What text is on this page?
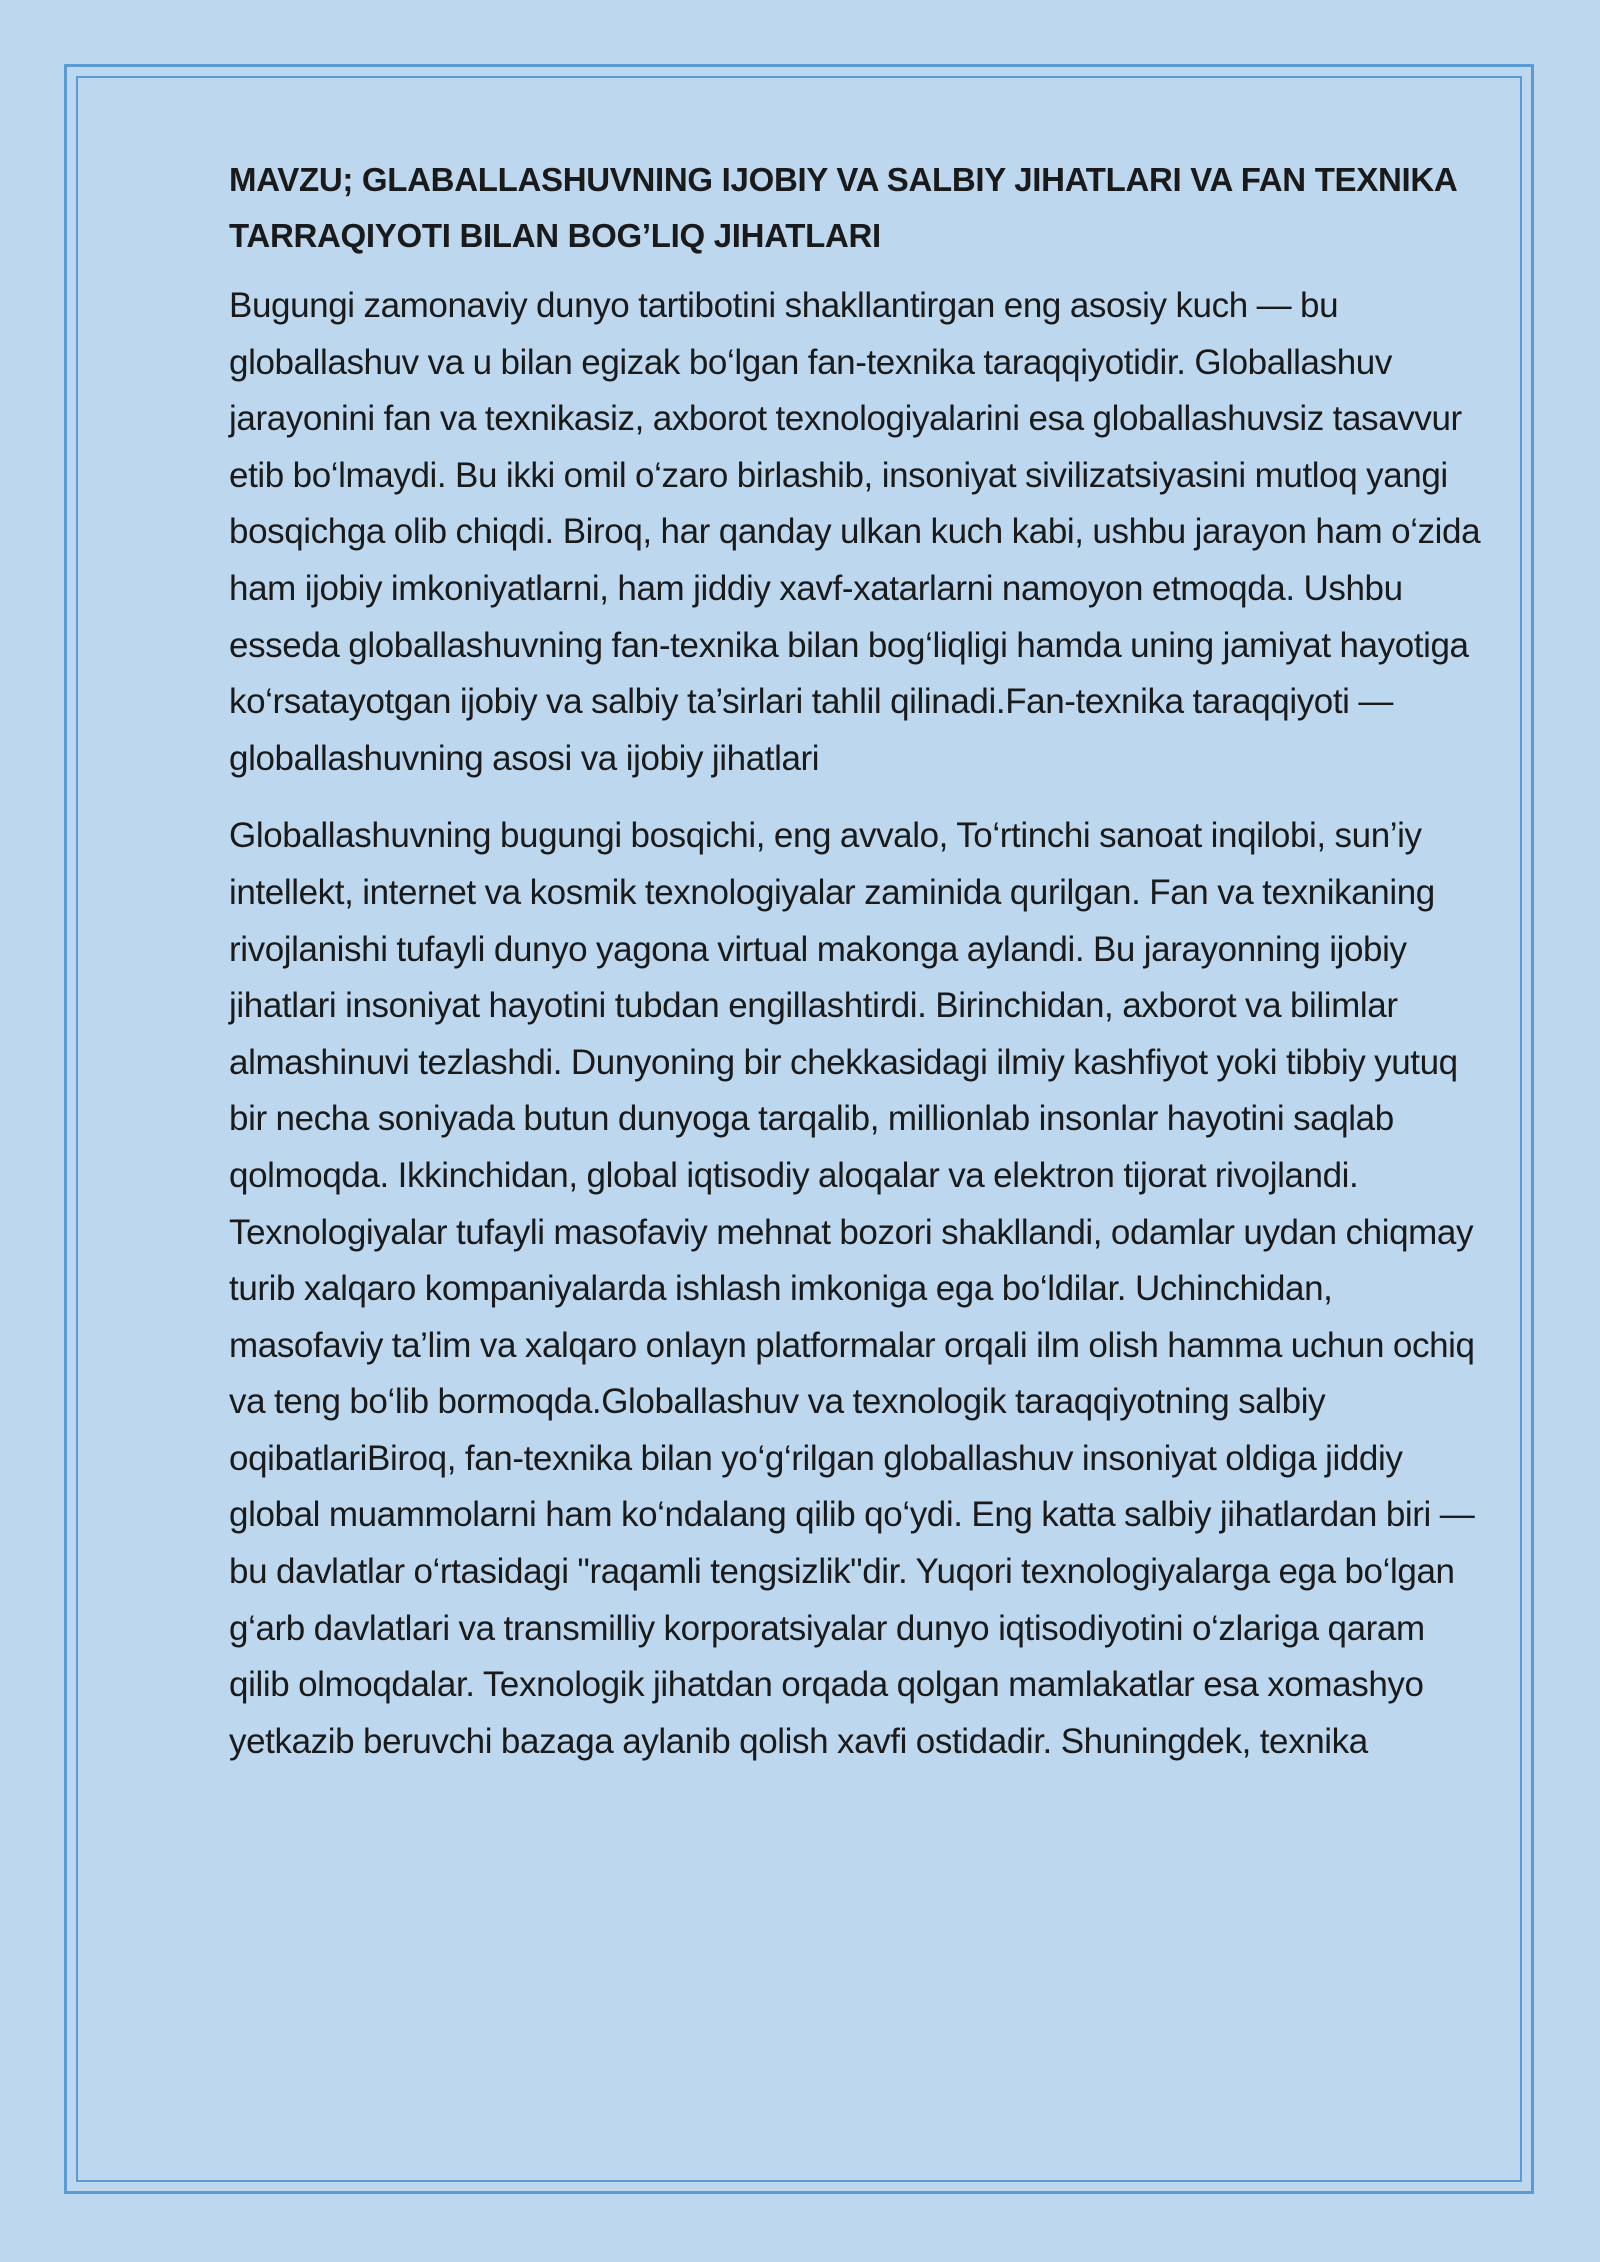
MAVZU; GLABALLASHUVNING IJOBIY VA SALBIY JIHATLARI VA FAN TEXNIKA TARRAQIYOTI BILAN BOG’LIQ JIHATLARI

Bugungi zamonaviy dunyo tartibotini shakllantirgan eng asosiy kuch — bu globallashuv va u bilan egizak bo‘lgan fan-texnika taraqqiyotidir. Globallashuv jarayonini fan va texnikasiz, axborot texnologiyalarini esa globallashuvsiz tasavvur etib bo‘lmaydi. Bu ikki omil o‘zaro birlashib, insoniyat sivilizatsiyasini mutloq yangi bosqichga olib chiqdi. Biroq, har qanday ulkan kuch kabi, ushbu jarayon ham o‘zida ham ijobiy imkoniyatlarni, ham jiddiy xavf-xatarlarni namoyon etmoqda. Ushbu esseda globallashuvning fan-texnika bilan bog‘liqligi hamda uning jamiyat hayotiga ko‘rsatayotgan ijobiy va salbiy ta’sirlari tahlil qilinadi.Fan-texnika taraqqiyoti — globallashuvning asosi va ijobiy jihatlari

Globallashuvning bugungi bosqichi, eng avvalo, To‘rtinchi sanoat inqilobi, sun’iy intellekt, internet va kosmik texnologiyalar zaminida qurilgan. Fan va texnikaning rivojlanishi tufayli dunyo yagona virtual makonga aylandi. Bu jarayonning ijobiy jihatlari insoniyat hayotini tubdan engillashtirdi. Birinchidan, axborot va bilimlar almashinuvi tezlashdi. Dunyoning bir chekkasidagi ilmiy kashfiyot yoki tibbiy yutuq bir necha soniyada butun dunyoga tarqalib, millionlab insonlar hayotini saqlab qolmoqda. Ikkinchidan, global iqtisodiy aloqalar va elektron tijorat rivojlandi. Texnologiyalar tufayli masofaviy mehnat bozori shakllandi, odamlar uydan chiqmay turib xalqaro kompaniyalarda ishlash imkoniga ega bo‘ldilar. Uchinchidan, masofaviy ta’lim va xalqaro onlayn platformalar orqali ilm olish hamma uchun ochiq va teng bo‘lib bormoqda.Globallashuv va texnologik taraqqiyotning salbiy oqibatlariBiroq, fan-texnika bilan yo‘g‘rilgan globallashuv insoniyat oldiga jiddiy global muammolarni ham ko‘ndalang qilib qo‘ydi. Eng katta salbiy jihatlardan biri — bu davlatlar o‘rtasidagi "raqamli tengsizlik"dir. Yuqori texnologiyalarga ega bo‘lgan g‘arb davlatlari va transmilliy korporatsiyalar dunyo iqtisodiyotini o‘zlariga qaram qilib olmoqdalar. Texnologik jihatdan orqada qolgan mamlakatlar esa xomashyo yetkazib beruvchi bazaga aylanib qolish xavfi ostidadir. Shuningdek, texnika
